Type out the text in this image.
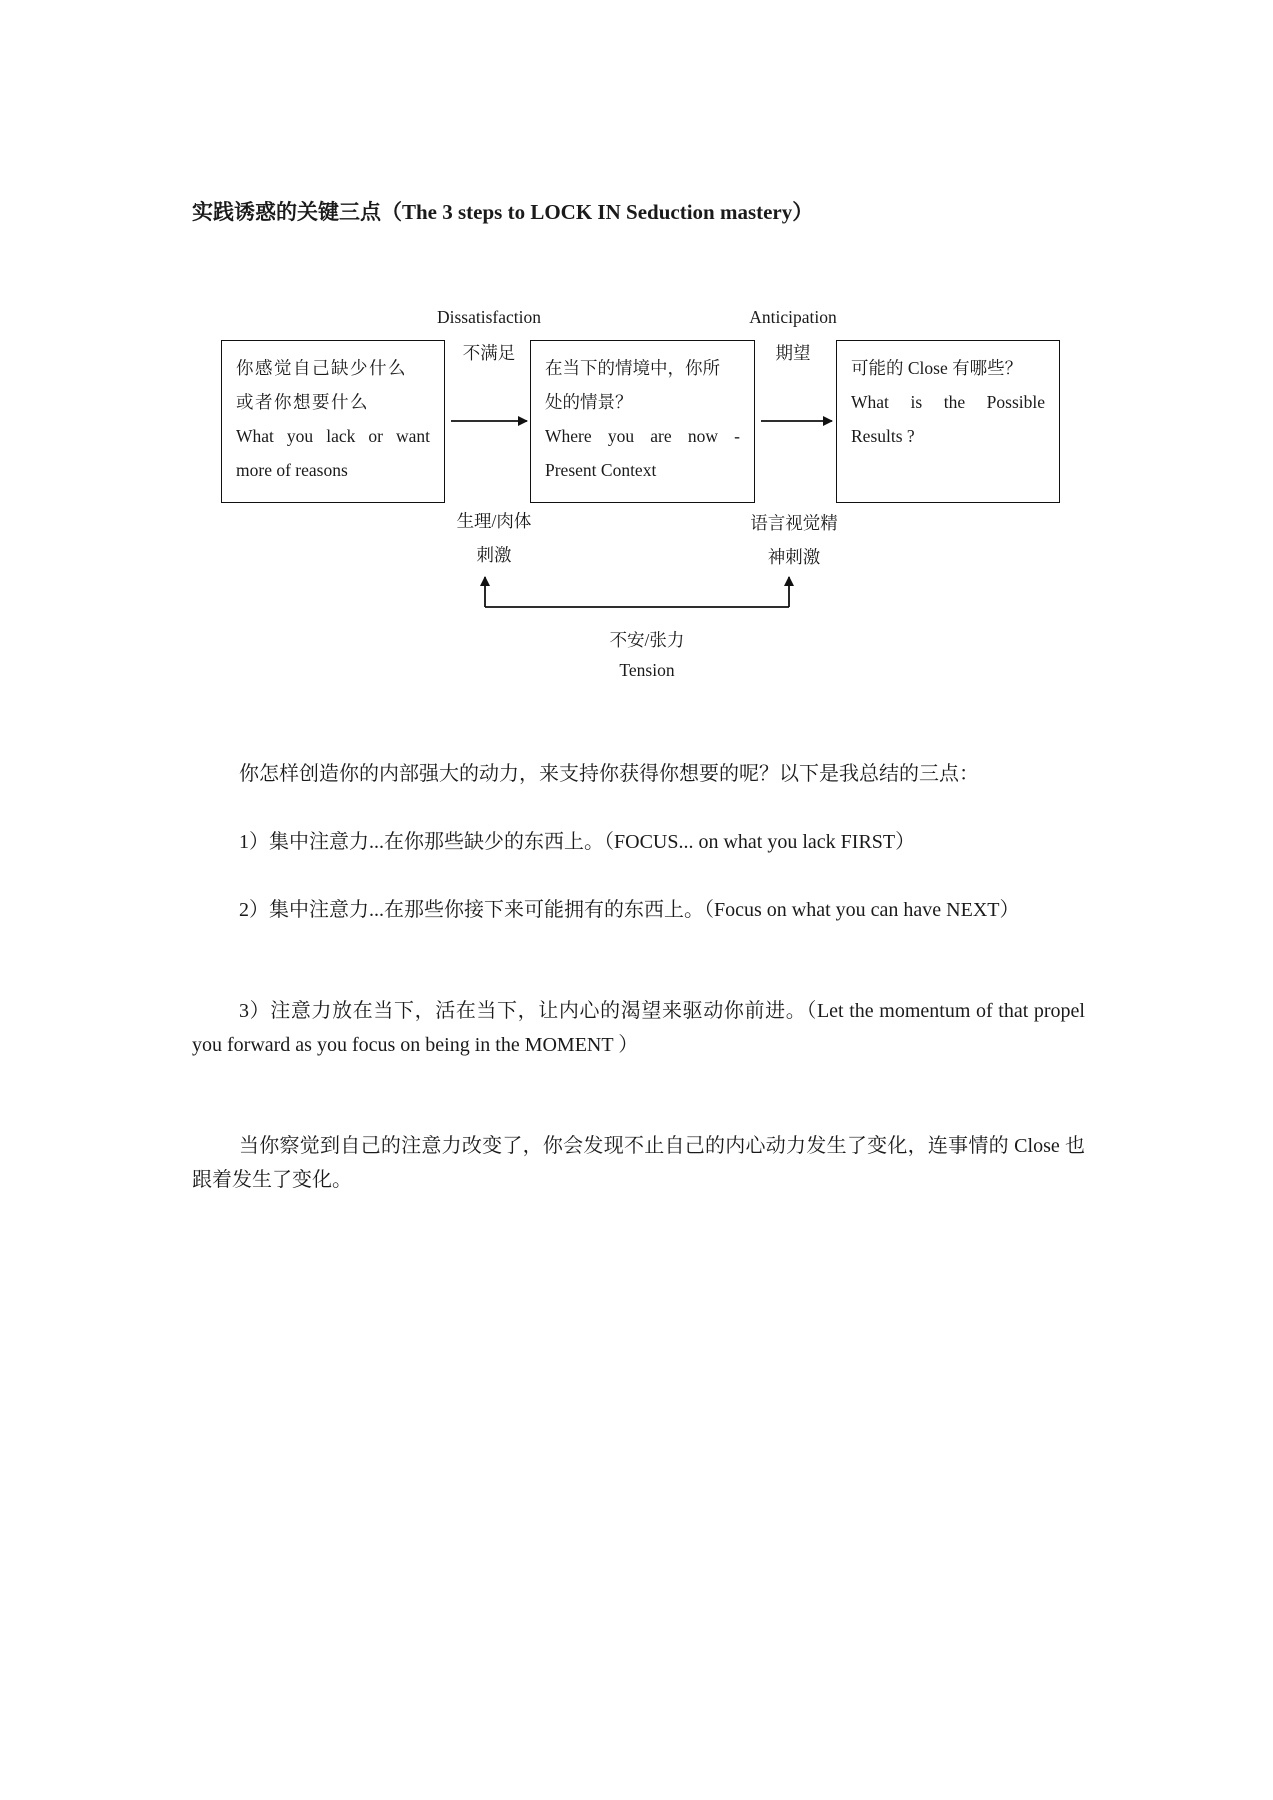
实践诱惑的关键三点（The 3 steps to LOCK IN Seduction mastery）
你感觉自己缺少什么
或者你想要什么
What you lack or want
more of reasons
在当下的情境中，你所
处的情景？
Where you are now -
Present Context
可能的 Close 有哪些？
What is the Possible
Results ?
Dissatisfaction
不满足
Anticipation
期望
生理/肉体
刺激
语言视觉精
神刺激
不安/张力
Tension

你怎样创造你的内部强大的动力，来支持你获得你想要的呢？以下是我总结的三点：

1）集中注意力...在你那些缺少的东西上。（FOCUS... on what you lack FIRST）

2）集中注意力...在那些你接下来可能拥有的东西上。（Focus on what you can have NEXT）

3）注意力放在当下，活在当下，让内心的渴望来驱动你前进。（Let the momentum of that propel you forward as you focus on being in the MOMENT ）

当你察觉到自己的注意力改变了，你会发现不止自己的内心动力发生了变化，连事情的 Close 也跟着发生了变化。
